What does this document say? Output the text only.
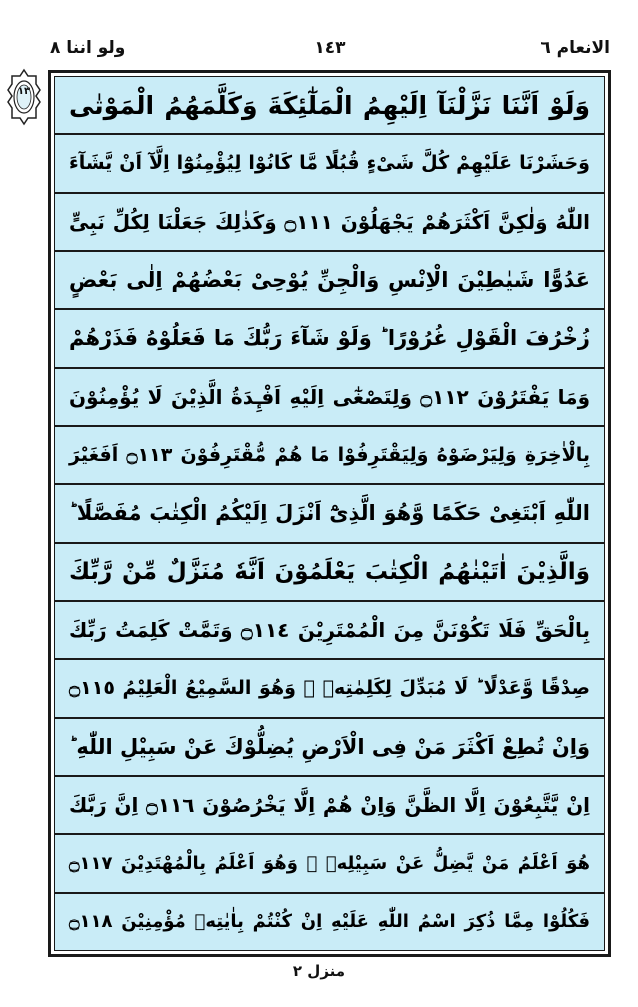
الانعام ٦
١٤٣
ولو اننا ٨
١٣	وَلَوْ اَنَّنَا نَزَّلْنَآ اِلَيْهِمُ الْمَلٰٓئِكَةَ وَكَلَّمَهُمُ الْمَوْتٰى
وَحَشَرْنَا عَلَيْهِمْ كُلَّ شَىْءٍ قُبُلًا مَّا كَانُوْا لِيُؤْمِنُوْٓا اِلَّآ اَنْ يَّشَآءَ
اللّٰهُ وَلٰكِنَّ اَكْثَرَهُمْ يَجْهَلُوْنَ ۝١١١ وَكَذٰلِكَ جَعَلْنَا لِكُلِّ نَبِىٍّ
عَدُوًّا شَيٰطِيْنَ الْاِنْسِ وَالْجِنِّ يُوْحِىْ بَعْضُهُمْ اِلٰى بَعْضٍ
زُخْرُفَ الْقَوْلِ غُرُوْرًا ؕ وَلَوْ شَآءَ رَبُّكَ مَا فَعَلُوْهُ فَذَرْهُمْ
وَمَا يَفْتَرُوْنَ ۝١١٢ وَلِتَصْغٰٓى اِلَيْهِ اَفْـِٕدَةُ الَّذِيْنَ لَا يُؤْمِنُوْنَ
بِالْاٰخِرَةِ وَلِيَرْضَوْهُ وَلِيَقْتَرِفُوْا مَا هُمْ مُّقْتَرِفُوْنَ ۝١١٣ اَفَغَيْرَ
اللّٰهِ اَبْتَغِىْ حَكَمًا وَّهُوَ الَّذِىْٓ اَنْزَلَ اِلَيْكُمُ الْكِتٰبَ مُفَصَّلًا ؕ
وَالَّذِيْنَ اٰتَيْنٰهُمُ الْكِتٰبَ يَعْلَمُوْنَ اَنَّهٗ مُنَزَّلٌ مِّنْ رَّبِّكَ
بِالْحَقِّ فَلَا تَكُوْنَنَّ مِنَ الْمُمْتَرِيْنَ ۝١١٤ وَتَمَّتْ كَلِمَتُ رَبِّكَ
صِدْقًا وَّعَدْلًا ؕ لَا مُبَدِّلَ لِكَلِمٰتِهٖ ۚ وَهُوَ السَّمِيْعُ الْعَلِيْمُ ۝١١٥
وَاِنْ تُطِعْ اَكْثَرَ مَنْ فِى الْاَرْضِ يُضِلُّوْكَ عَنْ سَبِيْلِ اللّٰهِ ؕ
اِنْ يَّتَّبِعُوْنَ اِلَّا الظَّنَّ وَاِنْ هُمْ اِلَّا يَخْرُصُوْنَ ۝١١٦ اِنَّ رَبَّكَ
هُوَ اَعْلَمُ مَنْ يَّضِلُّ عَنْ سَبِيْلِهٖ ۚ وَهُوَ اَعْلَمُ بِالْمُهْتَدِيْنَ ۝١١٧
فَكُلُوْا مِمَّا ذُكِرَ اسْمُ اللّٰهِ عَلَيْهِ اِنْ كُنْتُمْ بِاٰيٰتِهٖ مُؤْمِنِيْنَ ۝١١٨
منزل ٢
